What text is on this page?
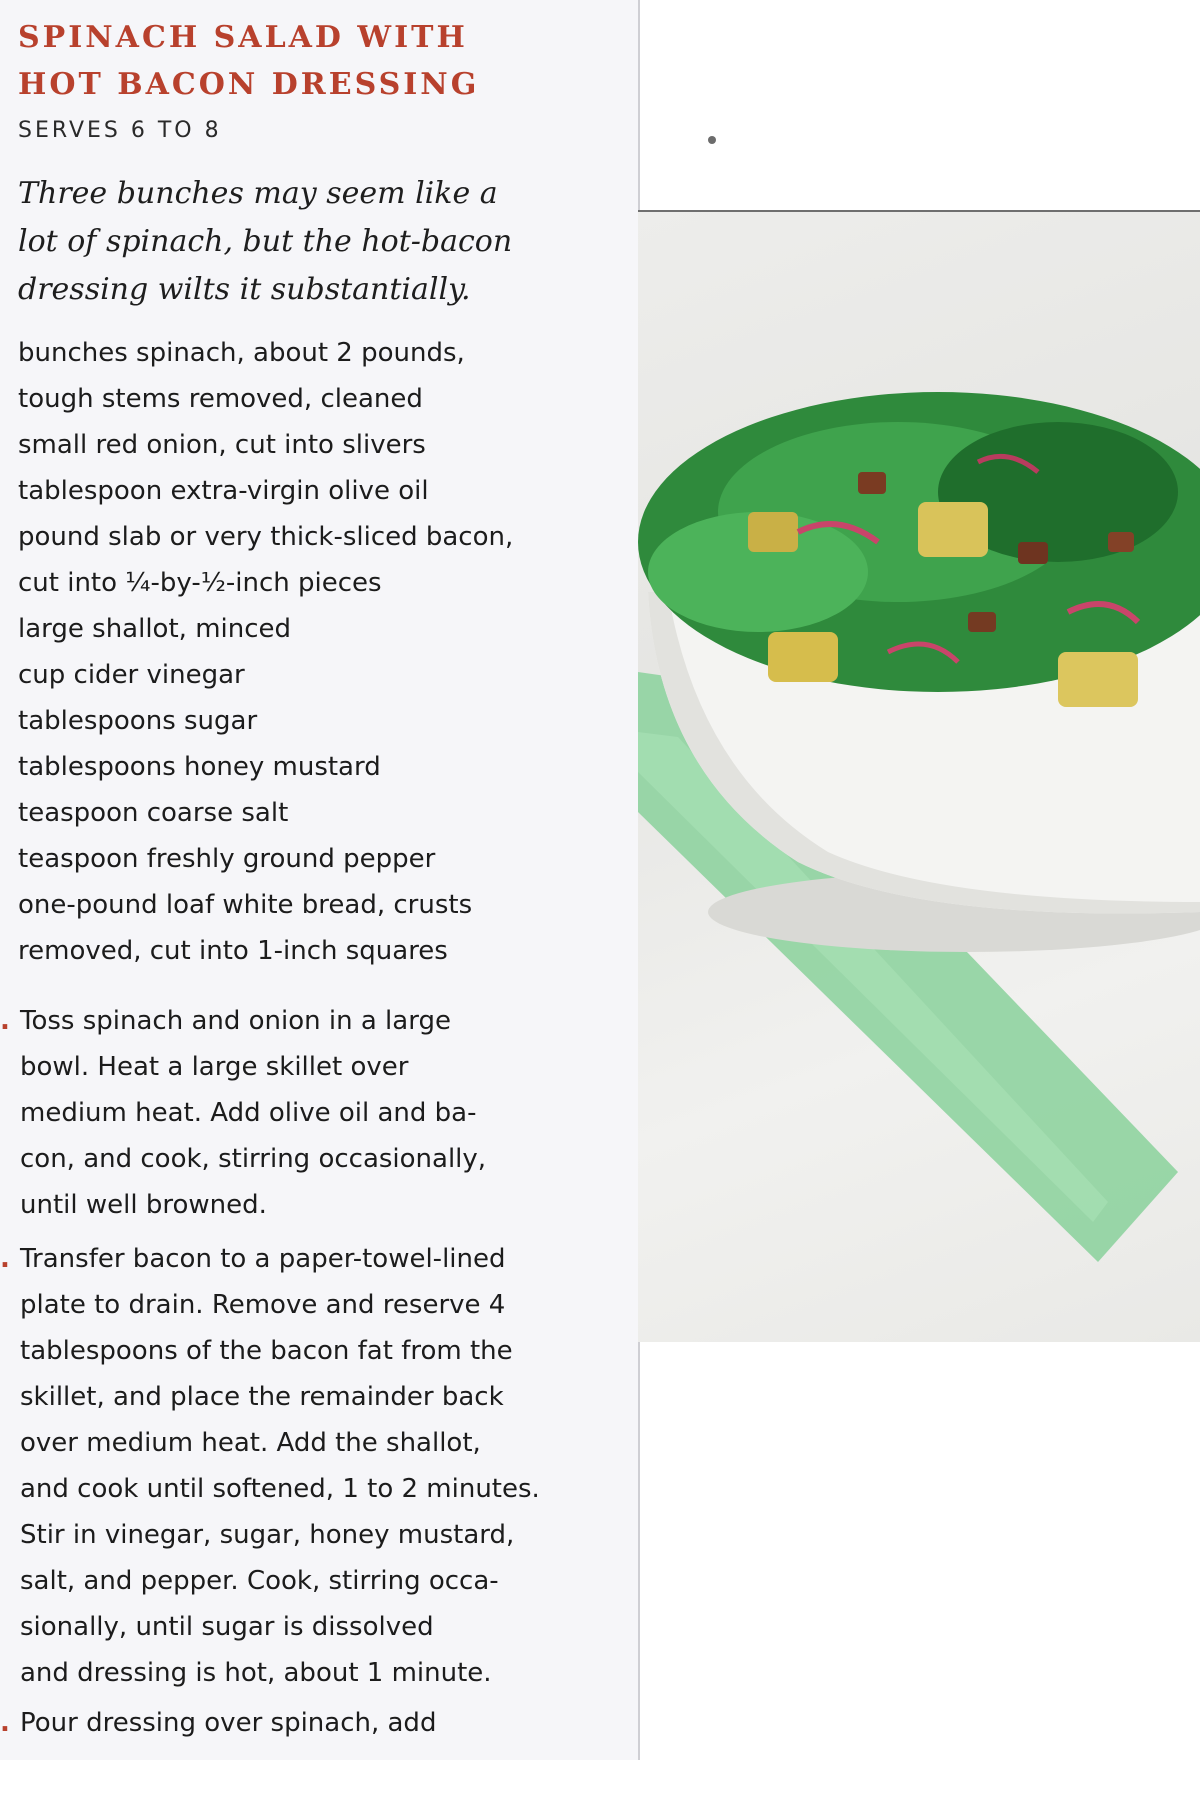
SPINACH SALAD WITH
HOT BACON DRESSING
SERVES 6 TO 8
Three bunches may seem like a
lot of spinach, but the hot-bacon
dressing wilts it substantially.
bunches spinach, about 2 pounds,
tough stems removed, cleaned
small red onion, cut into slivers
tablespoon extra-virgin olive oil
pound slab or very thick-sliced bacon,
cut into ¼-by-½-inch pieces
large shallot, minced
cup cider vinegar
tablespoons sugar
tablespoons honey mustard
teaspoon coarse salt
teaspoon freshly ground pepper
one-pound loaf white bread, crusts
removed, cut into 1-inch squares
. Toss spinach and onion in a large
bowl. Heat a large skillet over
medium heat. Add olive oil and ba-
con, and cook, stirring occasionally,
until well browned.
. Transfer bacon to a paper-towel-lined
plate to drain. Remove and reserve 4
tablespoons of the bacon fat from the
skillet, and place the remainder back
over medium heat. Add the shallot,
and cook until softened, 1 to 2 minutes.
Stir in vinegar, sugar, honey mustard,
salt, and pepper. Cook, stirring occa-
sionally, until sugar is dissolved
and dressing is hot, about 1 minute.
. Pour dressing over spinach, add
